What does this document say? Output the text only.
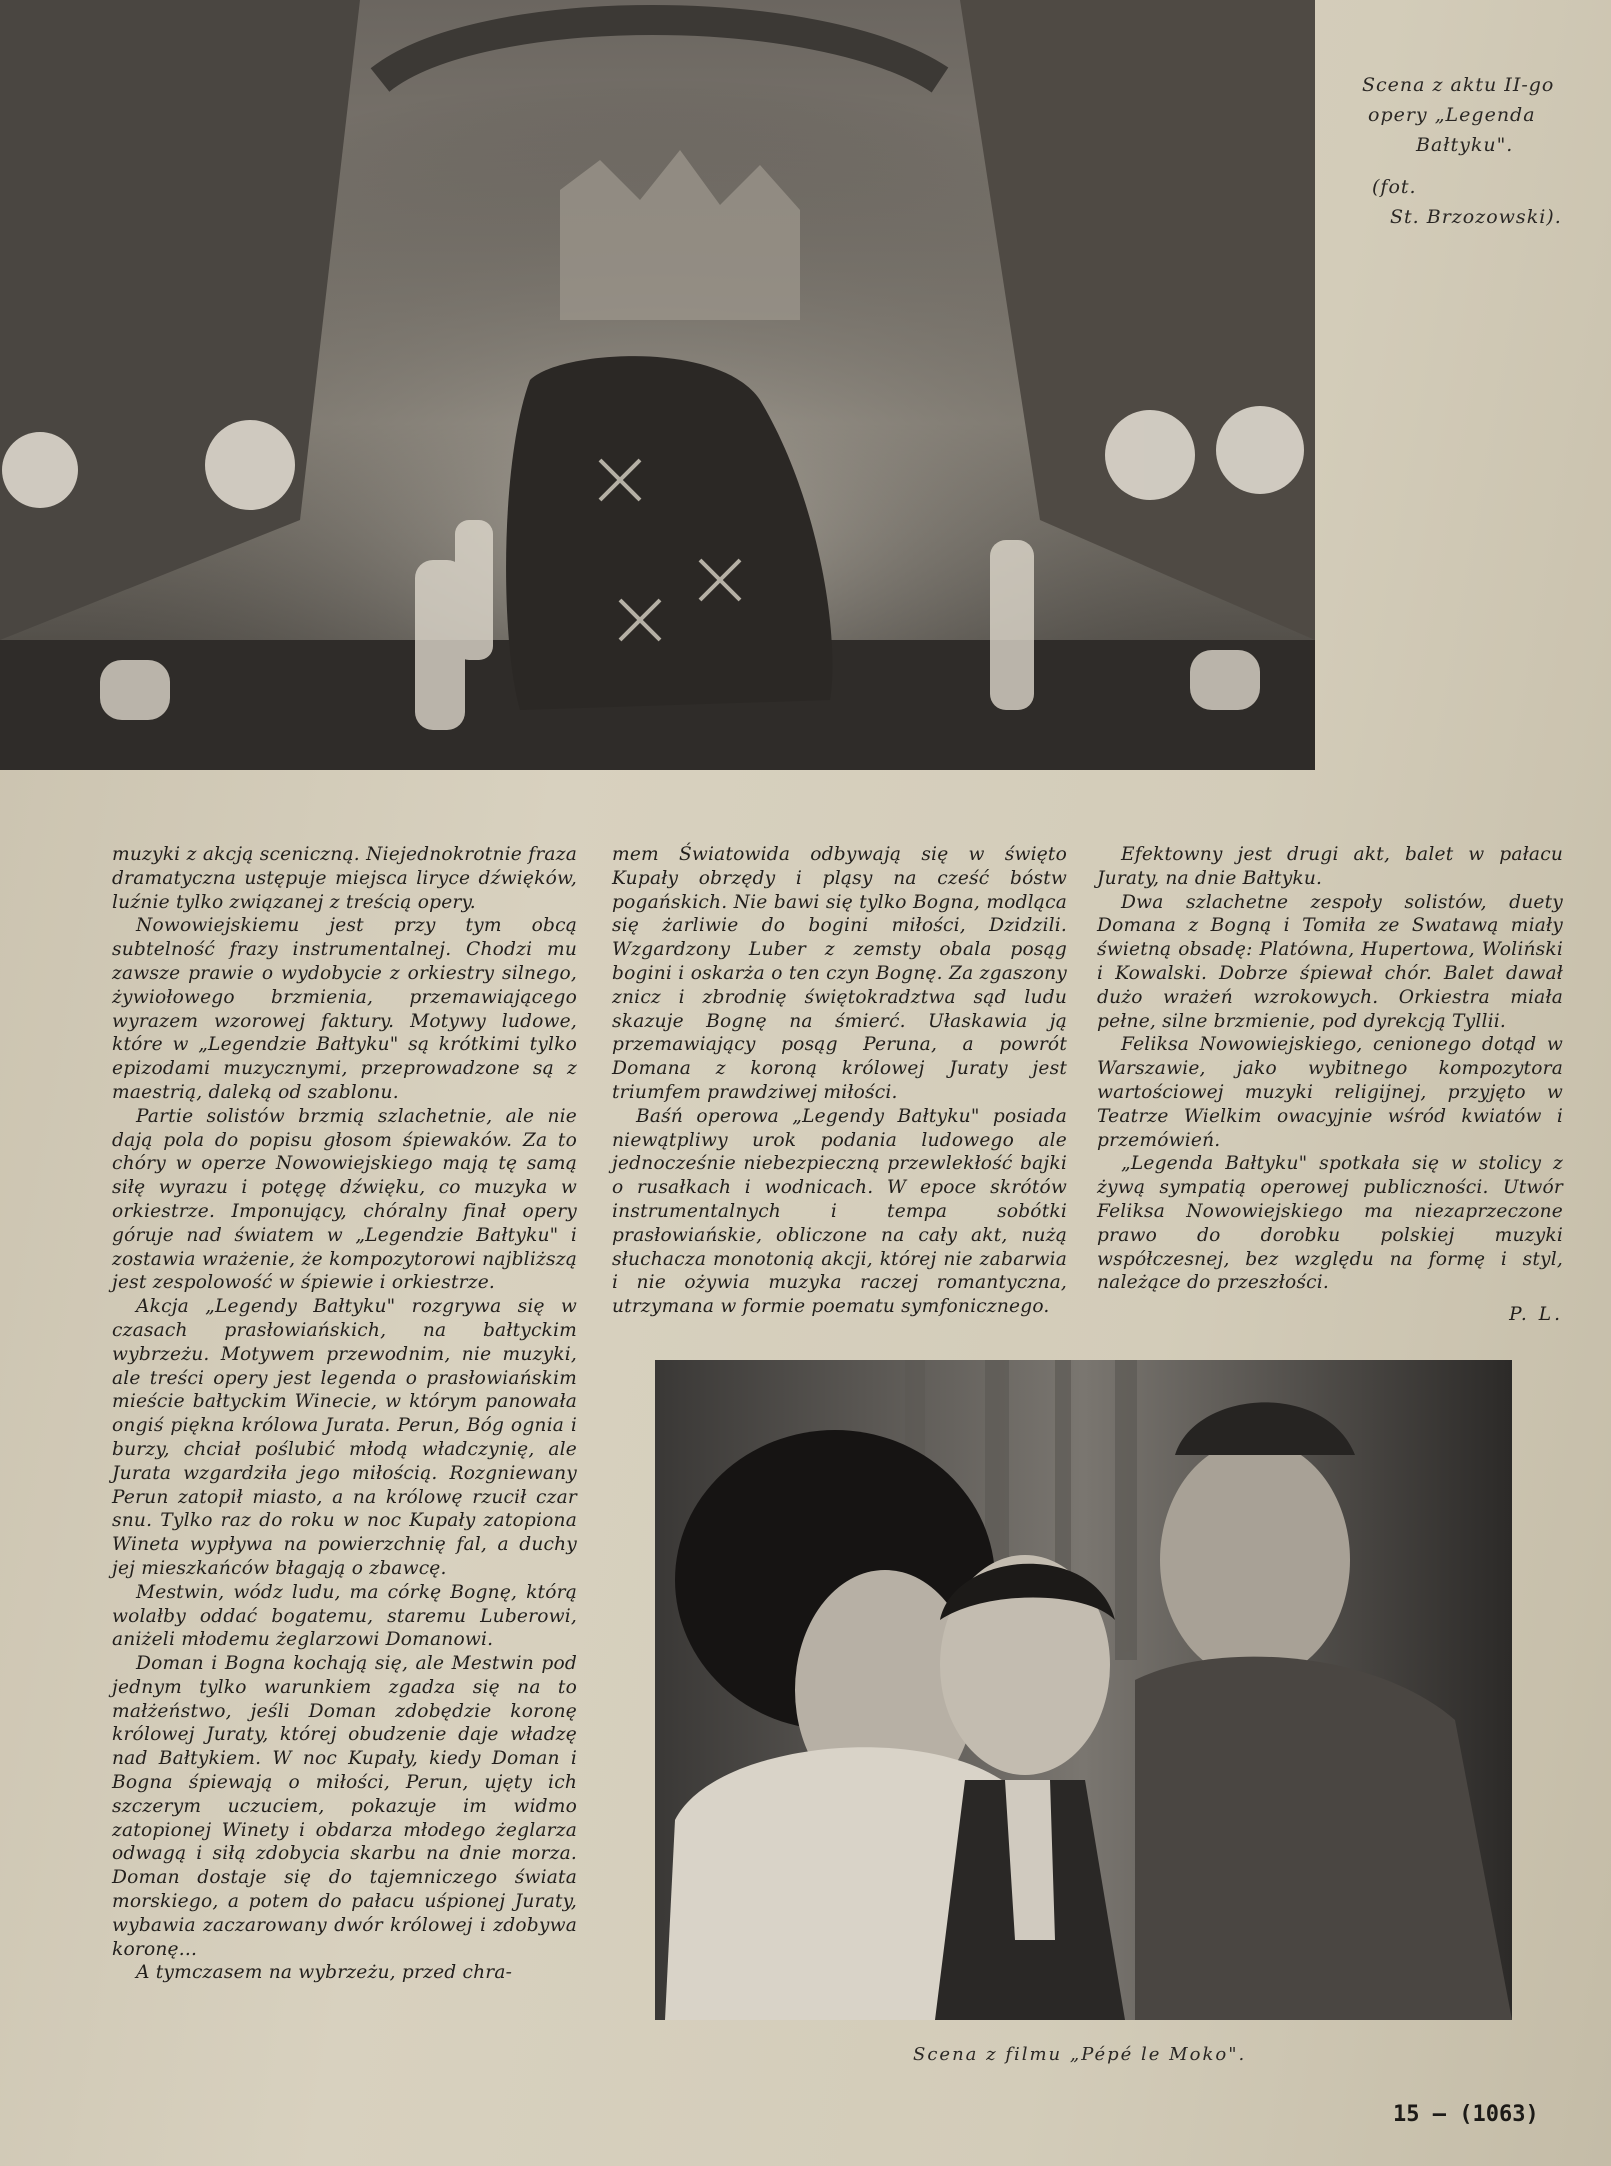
Scena z aktu II-go
opery „Legenda
Bałtyku".
(fot.
St. Brzozowski).

muzyki z akcją sceniczną. Niejednokrotnie fraza dramatyczna ustępuje miejsca liryce dźwięków, luźnie tylko związanej z treścią opery.

Nowowiejskiemu jest przy tym obcą subtelność frazy instrumentalnej. Chodzi mu zawsze prawie o wydobycie z orkiestry silnego, żywiołowego brzmienia, przemawiającego wyrazem wzorowej faktury. Motywy ludowe, które w „Legendzie Bałtyku" są krótkimi tylko epizodami muzycznymi, przeprowadzone są z maestrią, daleką od szablonu.

Partie solistów brzmią szlachetnie, ale nie dają pola do popisu głosom śpiewaków. Za to chóry w operze Nowowiejskiego mają tę samą siłę wyrazu i potęgę dźwięku, co muzyka w orkiestrze. Imponujący, chóralny finał opery góruje nad światem w „Legendzie Bałtyku" i zostawia wrażenie, że kompozytorowi najbliższą jest zespolowość w śpiewie i orkiestrze.

Akcja „Legendy Bałtyku" rozgrywa się w czasach prasłowiańskich, na bałtyckim wybrzeżu. Motywem przewodnim, nie muzyki, ale treści opery jest legenda o prasłowiańskim mieście bałtyckim Winecie, w którym panowała ongiś piękna królowa Jurata. Perun, Bóg ognia i burzy, chciał poślubić młodą władczynię, ale Jurata wzgardziła jego miłością. Rozgniewany Perun zatopił miasto, a na królowę rzucił czar snu. Tylko raz do roku w noc Kupały zatopiona Wineta wypływa na powierzchnię fal, a duchy jej mieszkańców błagają o zbawcę.

Mestwin, wódz ludu, ma córkę Bognę, którą wolałby oddać bogatemu, staremu Luberowi, aniżeli młodemu żeglarzowi Domanowi.

Doman i Bogna kochają się, ale Mestwin pod jednym tylko warunkiem zgadza się na to małżeństwo, jeśli Doman zdobędzie koronę królowej Juraty, której obudzenie daje władzę nad Bałtykiem. W noc Kupały, kiedy Doman i Bogna śpiewają o miłości, Perun, ujęty ich szczerym uczuciem, pokazuje im widmo zatopionej Winety i obdarza młodego żeglarza odwagą i siłą zdobycia skarbu na dnie morza. Doman dostaje się do tajemniczego świata morskiego, a potem do pałacu uśpionej Juraty, wybawia zaczarowany dwór królowej i zdobywa koronę...

A tymczasem na wybrzeżu, przed chra-

mem Światowida odbywają się w święto Kupały obrzędy i pląsy na cześć bóstw pogańskich. Nie bawi się tylko Bogna, modląca się żarliwie do bogini miłości, Dzidzili. Wzgardzony Luber z zemsty obala posąg bogini i oskarża o ten czyn Bognę. Za zgaszony znicz i zbrodnię świętokradztwa sąd ludu skazuje Bognę na śmierć. Ułaskawia ją przemawiający posąg Peruna, a powrót Domana z koroną królowej Juraty jest triumfem prawdziwej miłości.

Baśń operowa „Legendy Bałtyku" posiada niewątpliwy urok podania ludowego ale jednocześnie niebezpieczną przewlekłość bajki o rusałkach i wodnicach. W epoce skrótów instrumentalnych i tempa sobótki prasłowiańskie, obliczone na cały akt, nużą słuchacza monotonią akcji, której nie zabarwia i nie ożywia muzyka raczej romantyczna, utrzymana w formie poematu symfonicznego.

Efektowny jest drugi akt, balet w pałacu Juraty, na dnie Bałtyku.

Dwa szlachetne zespoły solistów, duety Domana z Bogną i Tomiła ze Swatawą miały świetną obsadę: Platówna, Hupertowa, Woliński i Kowalski. Dobrze śpiewał chór. Balet dawał dużo wrażeń wzrokowych. Orkiestra miała pełne, silne brzmienie, pod dyrekcją Tyllii.

Feliksa Nowowiejskiego, cenionego dotąd w Warszawie, jako wybitnego kompozytora wartościowej muzyki religijnej, przyjęto w Teatrze Wielkim owacyjnie wśród kwiatów i przemówień.

„Legenda Bałtyku" spotkała się w stolicy z żywą sympatią operowej publiczności. Utwór Feliksa Nowowiejskiego ma niezaprzeczone prawo do dorobku polskiej muzyki współczesnej, bez względu na formę i styl, należące do przeszłości.

P. L.
Scena z filmu „Pépé le Moko".
15 — (1063)
